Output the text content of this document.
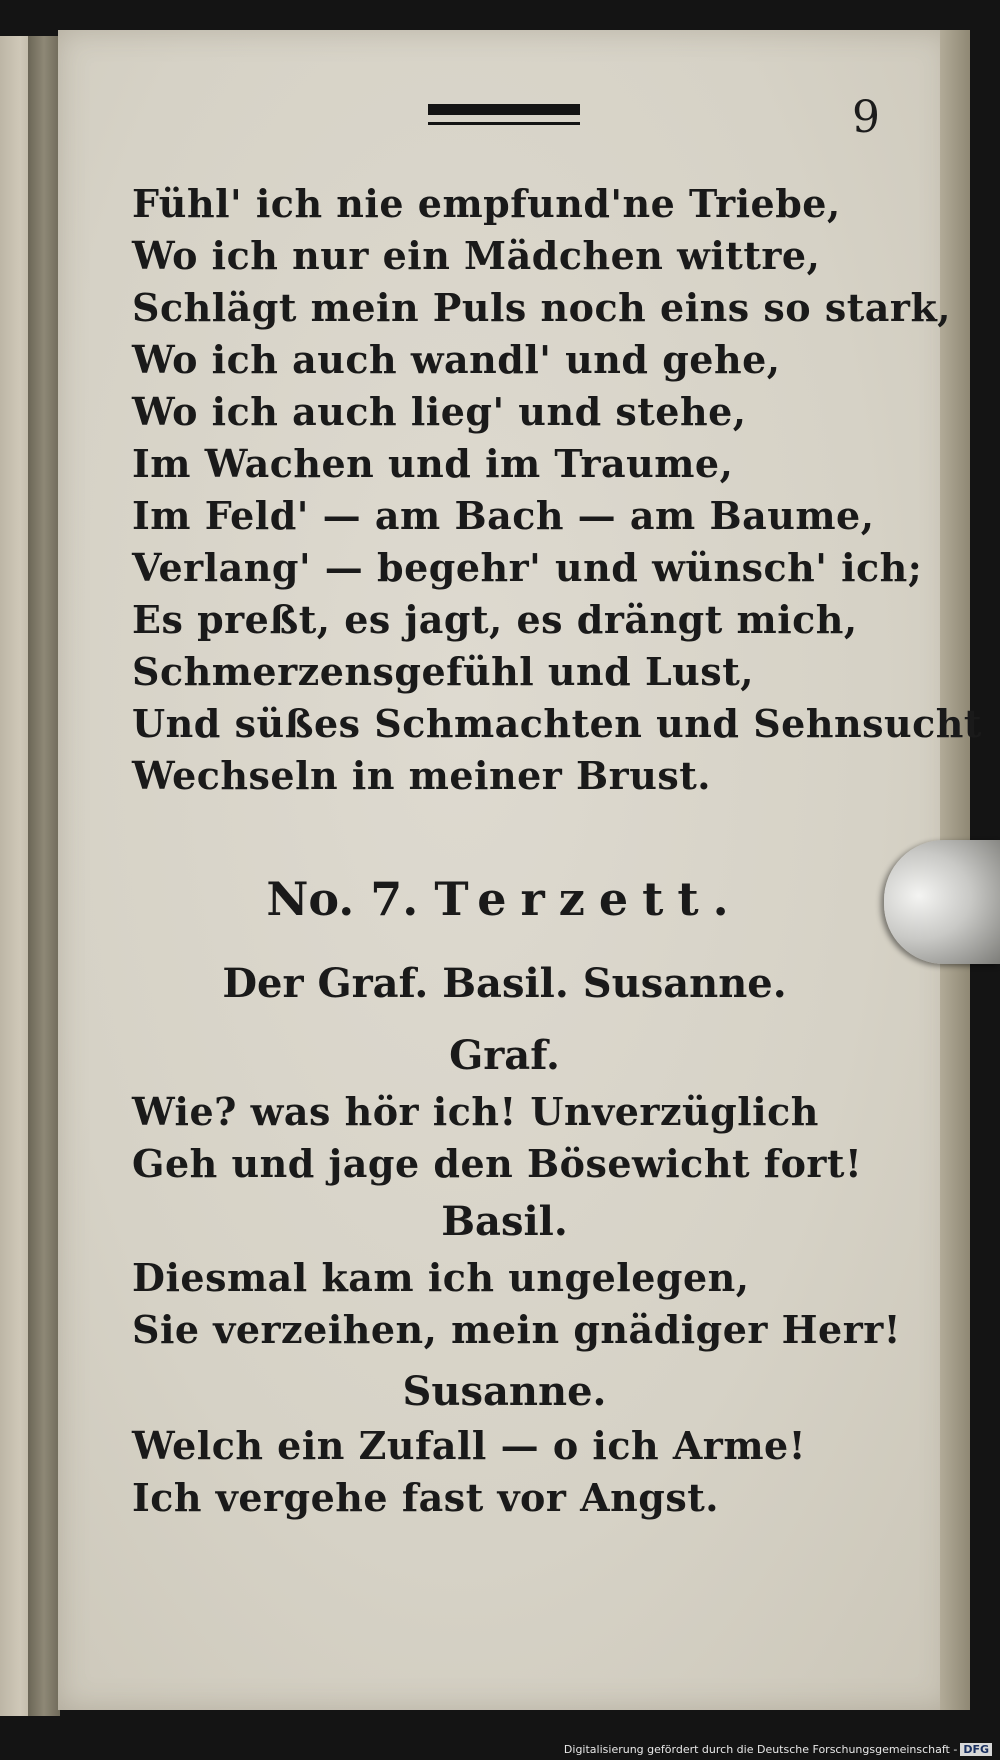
9
Fühl' ich nie empfund'ne Triebe,
Wo ich nur ein Mädchen wittre,
Schlägt mein Puls noch eins so stark,
Wo ich auch wandl' und gehe,
Wo ich auch lieg' und stehe,
Im Wachen und im Traume,
Im Feld' — am Bach — am Baume,
Verlang' — begehr' und wünsch' ich;
Es preßt, es jagt, es drängt mich,
Schmerzensgefühl und Lust,
Und süßes Schmachten und Sehnsucht
Wechseln in meiner Brust.
No. 7. Terzett.
Der Graf. Basil. Susanne.
Graf.
Wie? was hör ich! Unverzüglich
Geh und jage den Bösewicht fort!
Basil.
Diesmal kam ich ungelegen,
Sie verzeihen, mein gnädiger Herr!
Susanne.
Welch ein Zufall — o ich Arme!
Ich vergehe fast vor Angst.
Digitalisierung gefördert durch die Deutsche Forschungsgemeinschaft - DFG
